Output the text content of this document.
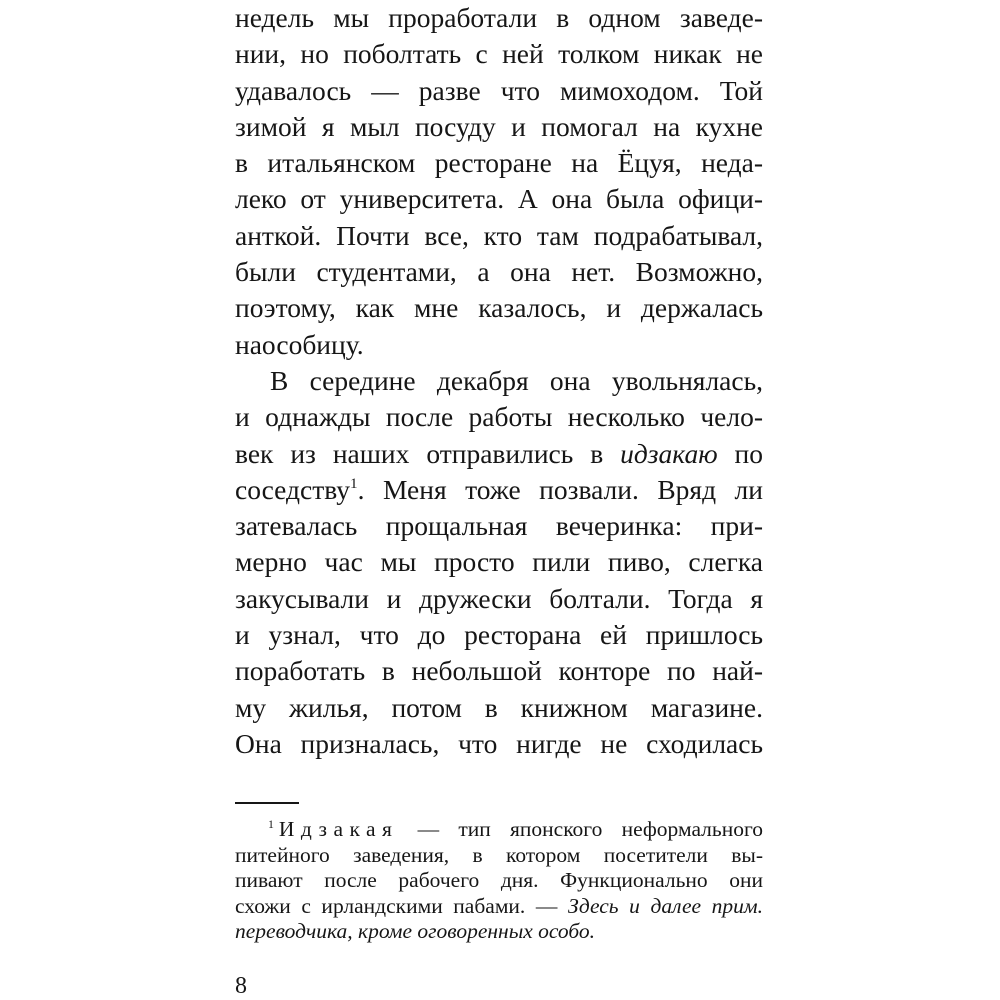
недель мы проработали в одном заведе-
нии, но поболтать с ней толком никак не
удавалось — разве что мимоходом. Той
зимой я мыл посуду и помогал на кухне
в итальянском ресторане на Ёцуя, неда-
леко от университета. А она была офици-
анткой. Почти все, кто там подрабатывал,
были студентами, а она нет. Возможно,
поэтому, как мне казалось, и держалась
наособицу.
В середине декабря она увольнялась,
и однажды после работы несколько чело-
век из наших отправились в идзакаю по
соседству$^1$. Меня тоже позвали. Вряд ли
затевалась прощальная вечеринка: при-
мерно час мы просто пили пиво, слегка
закусывали и дружески болтали. Тогда я
и узнал, что до ресторана ей пришлось
поработать в небольшой конторе по най-
му жилья, потом в книжном магазине.
Она призналась, что нигде не сходилась
$^1$ Идзакая — тип японского неформального
питейного заведения, в котором посетители вы-
пивают после рабочего дня. Функционально они
схожи с ирландскими пабами. — Здесь и далее прим.
переводчика, кроме оговоренных особо.
8
